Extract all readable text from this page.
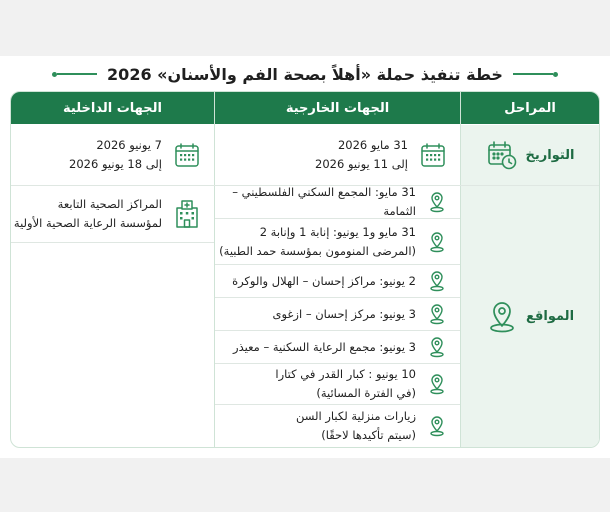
خطة تنفيذ حملة «أهلاً بصحة الفم والأسنان» 2026
المراحل
الجهات الخارجية
الجهات الداخلية
التواريخ
31 مايو 2026
إلى 11 يونيو 2026
7 يونيو 2026
إلى 18 يونيو 2026
المواقع
المراكز الصحية التابعة
لمؤسسة الرعاية الصحية الأولية
31 مايو: المجمع السكني الفلسطيني – الثمامة
31 مايو و1 يونيو: إنابة 1 وإنابة 2
(المرضى المنومون بمؤسسة حمد الطبية)
2 يونيو: مراكز إحسان – الهلال والوكرة
3 يونيو: مركز إحسان – ازغوى
3 يونيو: مجمع الرعاية السكنية – معيذر
10 يونيو : كبار القدر في كتارا
(في الفترة المسائية)
زيارات منزلية لكبار السن
(سيتم تأكيدها لاحقًا)
